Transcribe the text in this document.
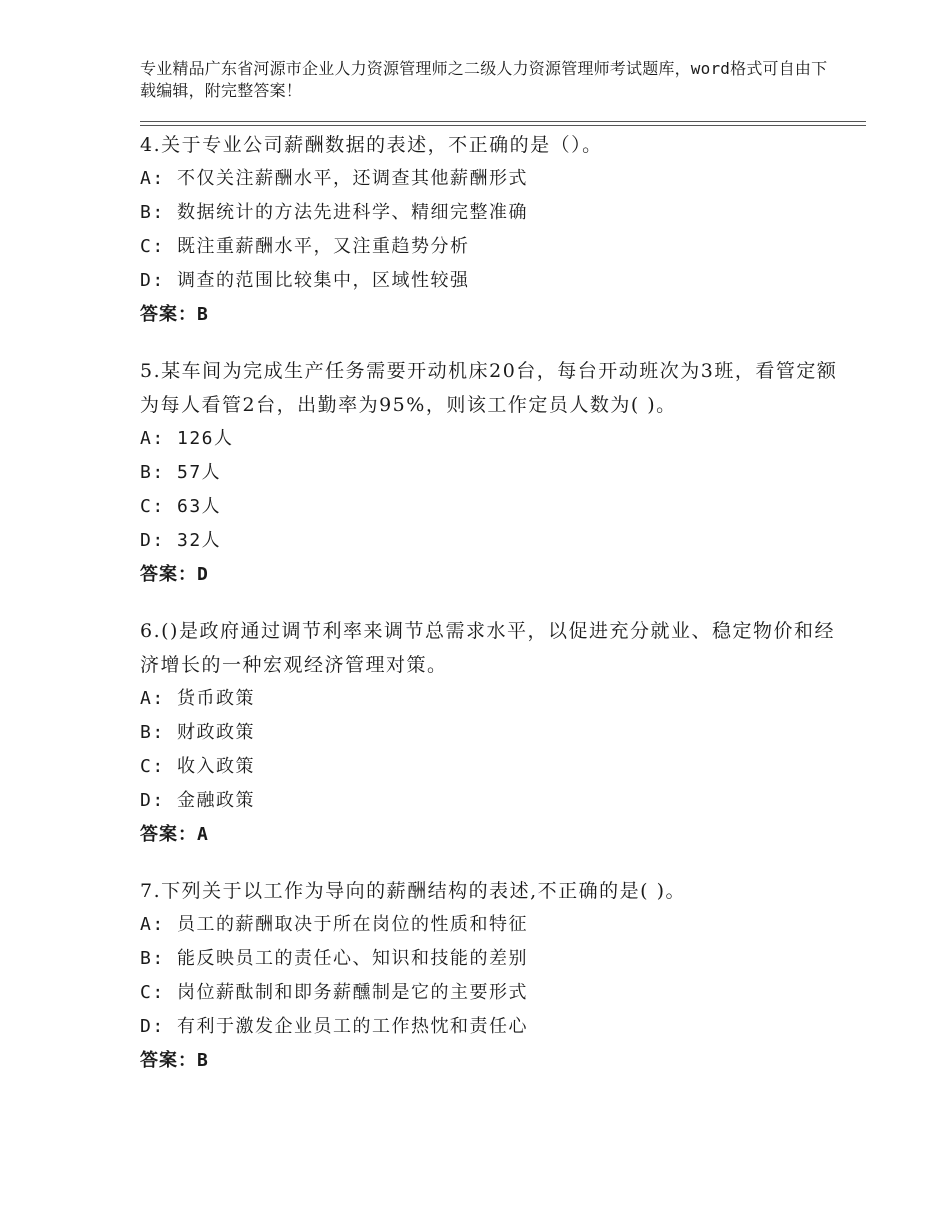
专业精品广东省河源市企业人力资源管理师之二级人力资源管理师考试题库，word格式可自由下载编辑，附完整答案！
4.关于专业公司薪酬数据的表述，不正确的是（）。
A: 不仅关注薪酬水平，还调查其他薪酬形式
B: 数据统计的方法先进科学、精细完整准确
C: 既注重薪酬水平，又注重趋势分析
D: 调查的范围比较集中，区域性较强
答案：B
5.某车间为完成生产任务需要开动机床20台，每台开动班次为3班，看管定额为每人看管2台，出勤率为95%，则该工作定员人数为( )。
A: 126人
B: 57人
C: 63人
D: 32人
答案：D
6.()是政府通过调节利率来调节总需求水平，以促进充分就业、稳定物价和经济增长的一种宏观经济管理对策。
A: 货币政策
B: 财政政策
C: 收入政策
D: 金融政策
答案：A
7.下列关于以工作为导向的薪酬结构的表述,不正确的是( )。
A: 员工的薪酬取决于所在岗位的性质和特征
B: 能反映员工的责任心、知识和技能的差别
C: 岗位薪酞制和即务薪醺制是它的主要形式
D: 有利于激发企业员工的工作热忱和责任心
答案：B
